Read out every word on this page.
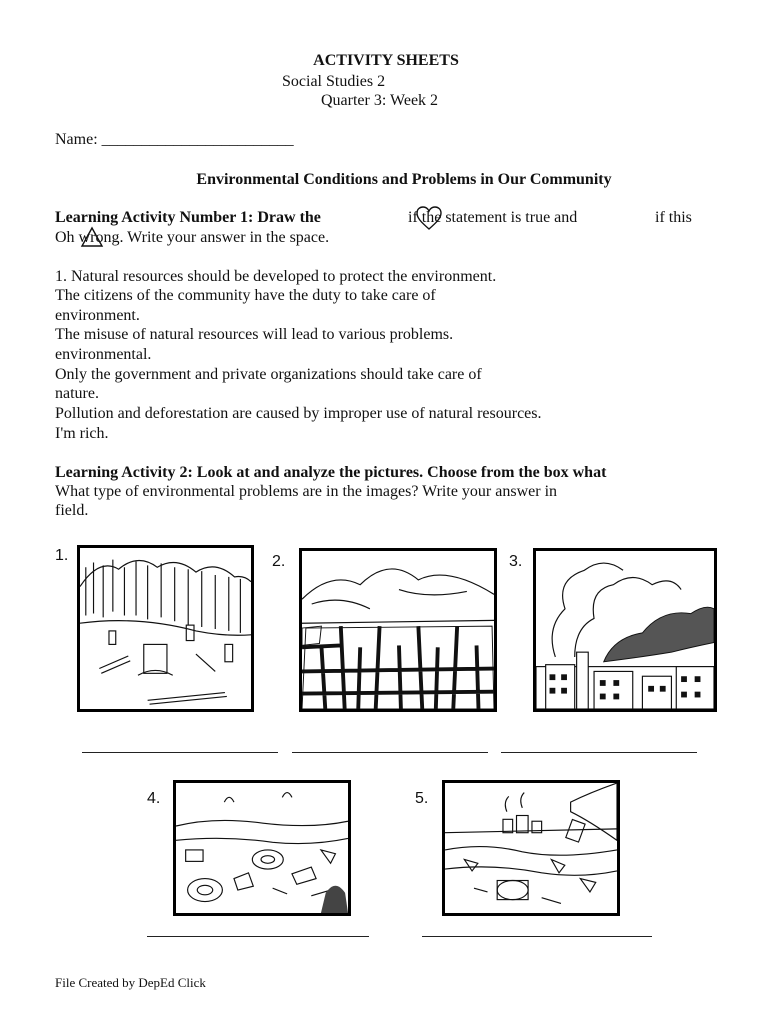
ACTIVITY SHEETS
Social Studies 2
Quarter 3: Week 2
Name: ________________________
Environmental Conditions and Problems in Our Community
Learning Activity Number 1: Draw the	if the statement is true and	if this
Oh wrong. Write your answer in the space.
1. Natural resources should be developed to protect the environment.
The citizens of the community have the duty to take care of
environment.
The misuse of natural resources will lead to various problems.
environmental.
Only the government and private organizations should take care of
nature.
Pollution and deforestation are caused by improper use of natural resources.
I'm rich.
Learning Activity 2: Look at and analyze the pictures. Choose from the box what
What type of environmental problems are in the images? Write your answer in
field.
1.	2.	3.
4.	5.
File Created by DepEd Click
